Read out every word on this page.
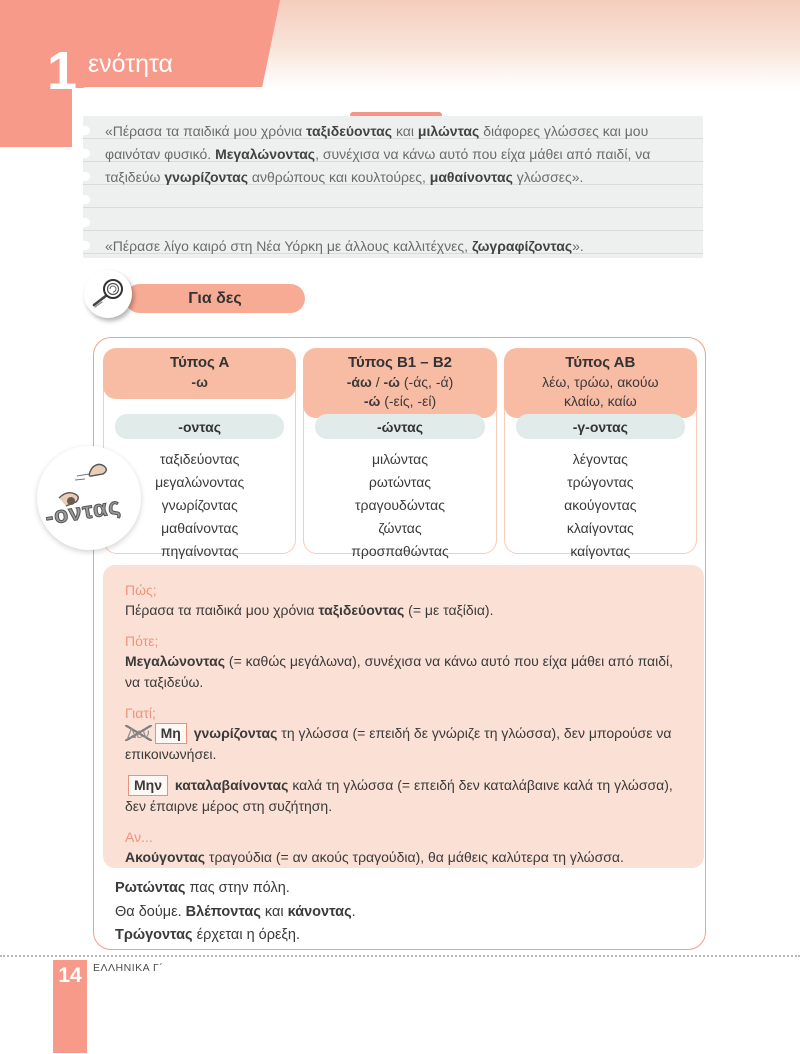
1 ενότητα
«Πέρασα τα παιδικά μου χρόνια ταξιδεύοντας και μιλώντας διάφορες γλώσσες και μου φαινόταν φυσικό. Μεγαλώνοντας, συνέχισα να κάνω αυτό που είχα μάθει από παιδί, να ταξιδεύω γνωρίζοντας ανθρώπους και κουλτούρες, μαθαίνοντας γλώσσες».
«Πέρασε λίγο καιρό στη Νέα Υόρκη με άλλους καλλιτέχνες, ζωγραφίζοντας».
Για δες
Τύπος Α
-ω
-οντας
ταξιδεύοντας
μεγαλώνοντας
γνωρίζοντας
μαθαίνοντας
πηγαίνοντας
Τύπος Β1 – Β2
-άω / -ώ (-άς, -ά)
-ώ (-είς, -εί)
-ώντας
μιλώντας
ρωτώντας
τραγουδώντας
ζώντας
προσπαθώντας
Τύπος ΑΒ
λέω, τρώω, ακούω
κλαίω, καίω
-γ-οντας
λέγοντας
τρώγοντας
ακούγοντας
κλαίγοντας
καίγοντας
-οντας
Πώς;

Πέρασα τα παιδικά μου χρόνια ταξιδεύοντας (= με ταξίδια).

Πότε;

Μεγαλώνοντας (= καθώς μεγάλωνα), συνέχισα να κάνω αυτό που είχα μάθει από παιδί, να ταξιδεύω.

Γιατί;

Δεν Μη γνωρίζοντας τη γλώσσα (= επειδή δε γνώριζε τη γλώσσα), δεν μπορούσε να επικοινωνήσει.

Μην καταλαβαίνοντας καλά τη γλώσσα (= επειδή δεν καταλάβαινε καλά τη γλώσσα), δεν έπαιρνε μέρος στη συζήτηση.

Αν...

Ακούγοντας τραγούδια (= αν ακούς τραγούδια), θα μάθεις καλύτερα τη γλώσσα.

Ρωτώντας πας στην πόλη.
Θα δούμε. Βλέποντας και κάνοντας.
Τρώγοντας έρχεται η όρεξη.
14	ΕΛΛΗΝΙΚΑ Γ΄
